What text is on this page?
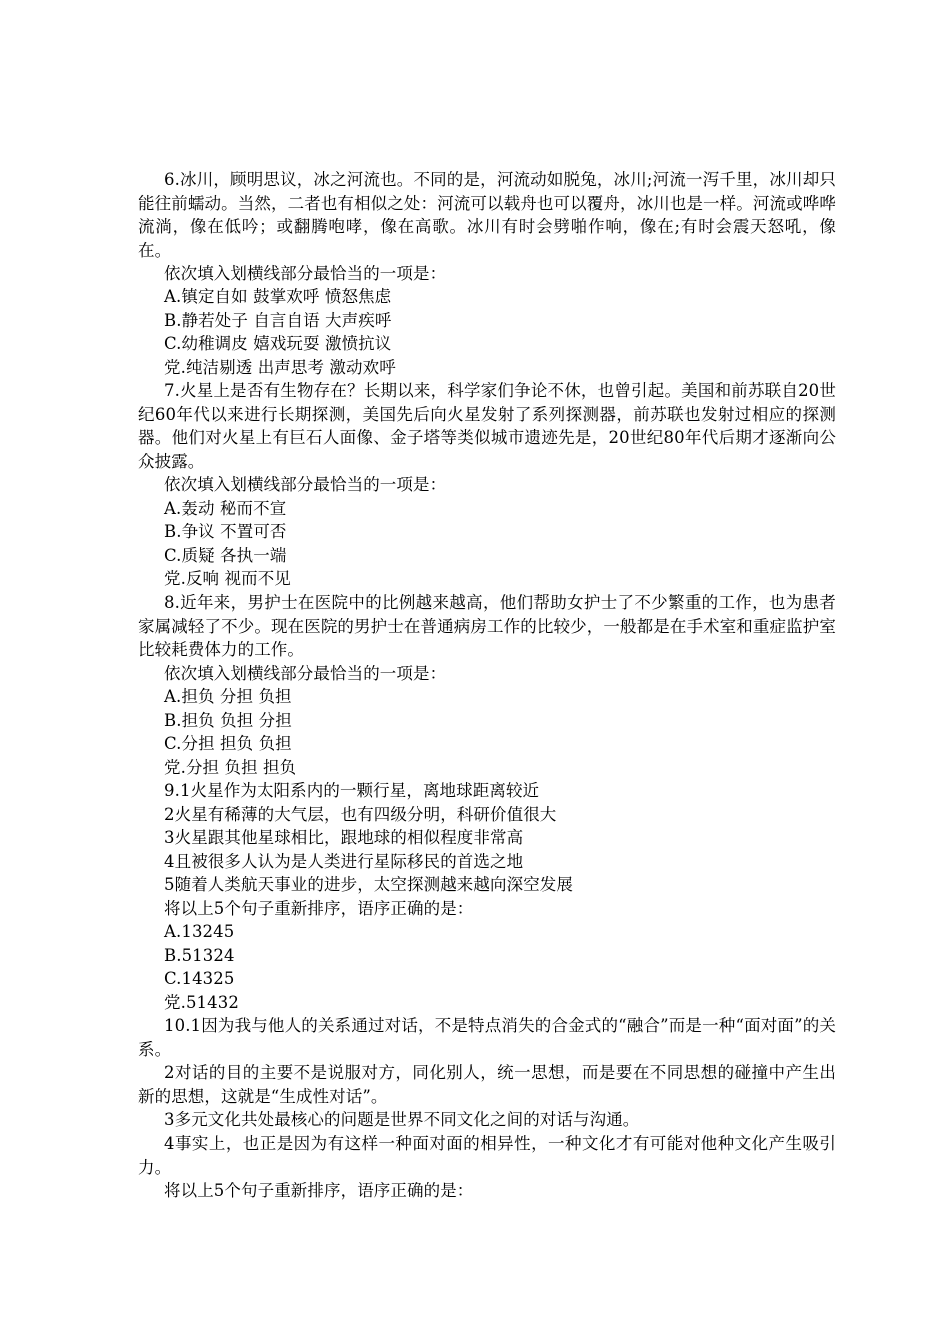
6.冰川，顾明思议，冰之河流也。不同的是，河流动如脱兔，冰川;河流一泻千里，冰川却只能往前蠕动。当然，二者也有相似之处：河流可以载舟也可以覆舟，冰川也是一样。河流或哗哗流淌，像在低吟；或翻腾咆哮，像在高歌。冰川有时会劈啪作响，像在;有时会震天怒吼，像在。

依次填入划横线部分最恰当的一项是：

A.镇定自如 鼓掌欢呼 愤怒焦虑

B.静若处子 自言自语 大声疾呼

C.幼稚调皮 嬉戏玩耍 激愤抗议

党.纯洁剔透 出声思考 激动欢呼

7.火星上是否有生物存在？长期以来，科学家们争论不休，也曾引起。美国和前苏联自20世纪60年代以来进行长期探测，美国先后向火星发射了系列探测器，前苏联也发射过相应的探测器。他们对火星上有巨石人面像、金子塔等类似城市遗迹先是，20世纪80年代后期才逐渐向公众披露。

依次填入划横线部分最恰当的一项是：

A.轰动 秘而不宣

B.争议 不置可否

C.质疑 各执一端

党.反响 视而不见

8.近年来，男护士在医院中的比例越来越高，他们帮助女护士了不少繁重的工作，也为患者家属减轻了不少。现在医院的男护士在普通病房工作的比较少，一般都是在手术室和重症监护室比较耗费体力的工作。

依次填入划横线部分最恰当的一项是：

A.担负 分担 负担

B.担负 负担 分担

C.分担 担负 负担

党.分担 负担 担负

9.1火星作为太阳系内的一颗行星，离地球距离较近

2火星有稀薄的大气层，也有四级分明，科研价值很大

3火星跟其他星球相比，跟地球的相似程度非常高

4且被很多人认为是人类进行星际移民的首选之地

5随着人类航天事业的进步，太空探测越来越向深空发展

将以上5个句子重新排序，语序正确的是：

A.13245

B.51324

C.14325

党.51432

10.1因为我与他人的关系通过对话，不是特点消失的合金式的“融合”而是一种“面对面”的关系。

2对话的目的主要不是说服对方，同化别人，统一思想，而是要在不同思想的碰撞中产生出新的思想，这就是“生成性对话”。

3多元文化共处最核心的问题是世界不同文化之间的对话与沟通。

4事实上，也正是因为有这样一种面对面的相异性，一种文化才有可能对他种文化产生吸引力。

将以上5个句子重新排序，语序正确的是：
